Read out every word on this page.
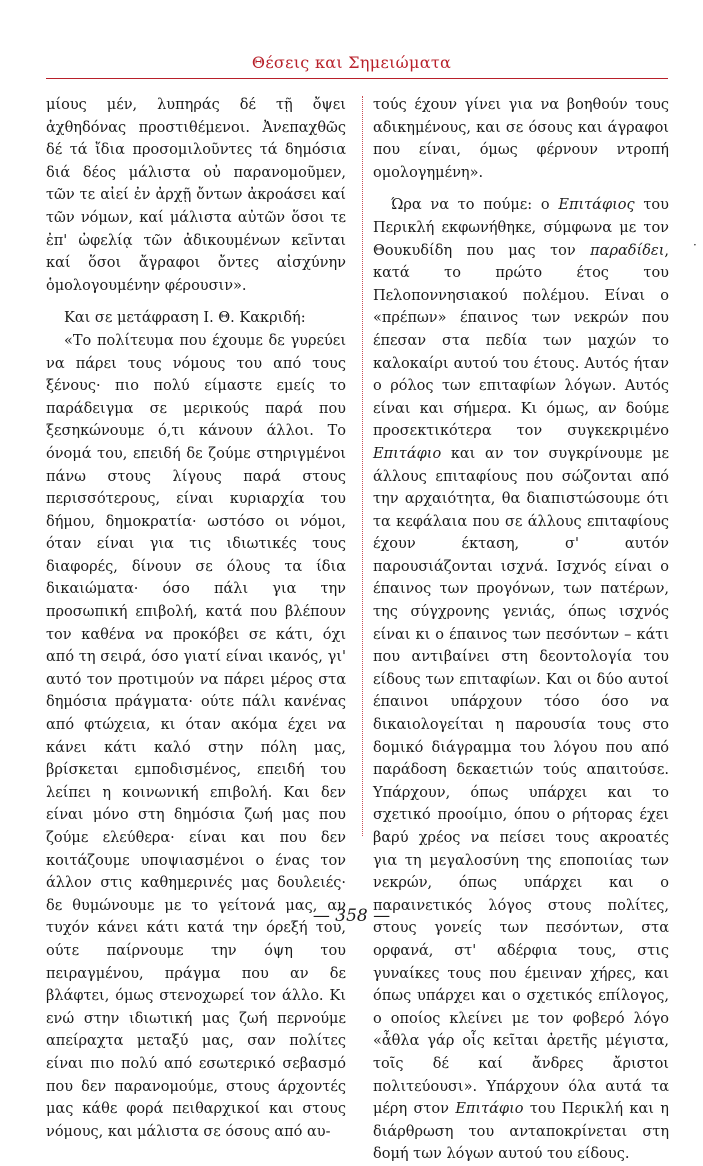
Θέσεις και Σημειώματα

μίους μέν, λυπηράς δέ τῇ ὄψει ἀχθηδόνας προστιθέμενοι. Ἀνεπαχθῶς δέ τά ἴδια προσομιλοῦντες τά δημόσια διά δέος μάλιστα οὐ παρανομοῦμεν, τῶν τε αἰεί ἐν ἀρχῇ ὄντων ἀκροάσει καί τῶν νόμων, καί μάλιστα αὐτῶν ὅσοι τε ἐπ' ὠφελίᾳ τῶν ἀδικουμένων κεῖνται καί ὅσοι ἄγραφοι ὄντες αἰσχύνην ὁμολογουμένην φέρουσιν».

Και σε μετάφραση Ι. Θ. Κακριδή:

«Το πολίτευμα που έχουμε δε γυρεύει να πάρει τους νόμους του από τους ξένους· πιο πολύ είμαστε εμείς το παράδειγμα σε μερικούς παρά που ξεσηκώνουμε ό,τι κάνουν άλλοι. Το όνομά του, επειδή δε ζούμε στηριγμένοι πάνω στους λίγους παρά στους περισσότερους, είναι κυριαρχία του δήμου, δημοκρατία· ωστόσο οι νόμοι, όταν είναι για τις ιδιωτικές τους διαφορές, δίνουν σε όλους τα ίδια δικαιώματα· όσο πάλι για την προσωπική επιβολή, κατά που βλέπουν τον καθένα να προκόβει σε κάτι, όχι από τη σειρά, όσο γιατί είναι ικανός, γι' αυτό τον προτιμούν να πάρει μέρος στα δημόσια πράγματα· ούτε πάλι κανένας από φτώχεια, κι όταν ακόμα έχει να κάνει κάτι καλό στην πόλη μας, βρίσκεται εμποδισμένος, επειδή του λείπει η κοινωνική επιβολή. Και δεν είναι μόνο στη δημόσια ζωή μας που ζούμε ελεύθερα· είναι και που δεν κοιτάζουμε υποψιασμένοι ο ένας τον άλλον στις καθημερινές μας δουλειές· δε θυμώνουμε με το γείτονά μας, αν τυχόν κάνει κάτι κατά την όρεξή του, ούτε παίρνουμε την όψη του πειραγμένου, πράγμα που αν δε βλάφτει, όμως στενοχωρεί τον άλλο. Κι ενώ στην ιδιωτική μας ζωή περνούμε απείραχτα μεταξύ μας, σαν πολίτες είναι πιο πολύ από εσωτερικό σεβασμό που δεν παρανομούμε, στους άρχοντές μας κάθε φορά πειθαρχικοί και στους νόμους, και μάλιστα σε όσους από αυ-

τούς έχουν γίνει για να βοηθούν τους αδικημένους, και σε όσους και άγραφοι που είναι, όμως φέρνουν ντροπή ομολογημένη».

Ώρα να το πούμε: ο Επιτάφιος του Περικλή εκφωνήθηκε, σύμφωνα με τον Θουκυδίδη που μας τον παραδίδει, κατά το πρώτο έτος του Πελοποννησιακού πολέμου. Είναι ο «πρέπων» έπαινος των νεκρών που έπεσαν στα πεδία των μαχών το καλοκαίρι αυτού του έτους. Αυτός ήταν ο ρόλος των επιταφίων λόγων. Αυτός είναι και σήμερα. Κι όμως, αν δούμε προσεκτικότερα τον συγκεκριμένο Επιτάφιο και αν τον συγκρίνουμε με άλλους επιταφίους που σώζονται από την αρχαιότητα, θα διαπιστώσουμε ότι τα κεφάλαια που σε άλλους επιταφίους έχουν έκταση, σ' αυτόν παρουσιάζονται ισχνά. Ισχνός είναι ο έπαινος των προγόνων, των πατέρων, της σύγχρονης γενιάς, όπως ισχνός είναι κι ο έπαινος των πεσόντων – κάτι που αντιβαίνει στη δεοντολογία του είδους των επιταφίων. Και οι δύο αυτοί έπαινοι υπάρχουν τόσο όσο να δικαιολογείται η παρουσία τους στο δομικό διάγραμμα του λόγου που από παράδοση δεκαετιών τούς απαιτούσε. Υπάρχουν, όπως υπάρχει και το σχετικό προοίμιο, όπου ο ρήτορας έχει βαρύ χρέος να πείσει τους ακροατές για τη μεγαλοσύνη της εποποιίας των νεκρών, όπως υπάρχει και ο παραινετικός λόγος στους πολίτες, στους γονείς των πεσόντων, στα ορφανά, στ' αδέρφια τους, στις γυναίκες τους που έμειναν χήρες, και όπως υπάρχει και ο σχετικός επίλογος, ο οποίος κλείνει με τον φοβερό λόγο «ἆθλα γάρ οἷς κεῖται ἀρετῆς μέγιστα, τοῖς δέ καί ἄνδρες ἄριστοι πολιτεύουσι». Υπάρχουν όλα αυτά τα μέρη στον Επιτάφιο του Περικλή και η διάρθρωση του ανταποκρίνεται στη δομή των λόγων αυτού του είδους.

·
— 358 —
